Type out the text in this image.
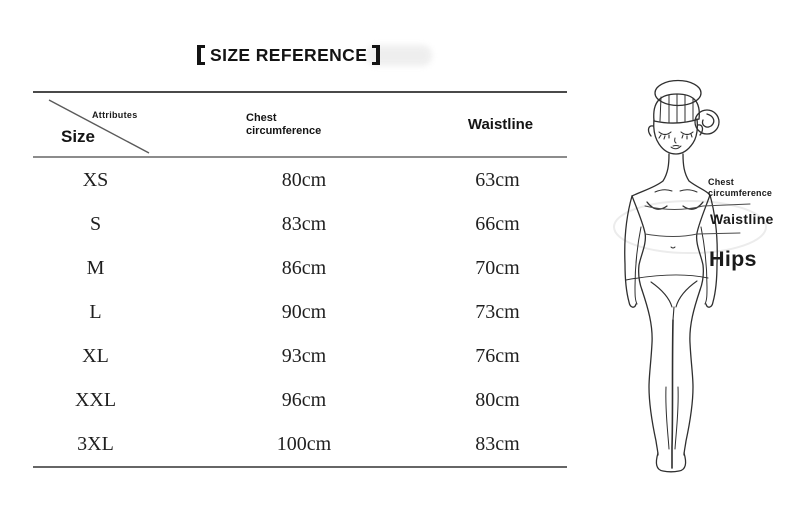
SIZE REFERENCE
Attributes
Size
Chest circumference	Waistline
XS	80cm	63cm
S	83cm	66cm
M	86cm	70cm
L	90cm	73cm
XL	93cm	76cm
XXL	96cm	80cm
3XL	100cm	83cm
Chest circumference
Waistline
Hips
